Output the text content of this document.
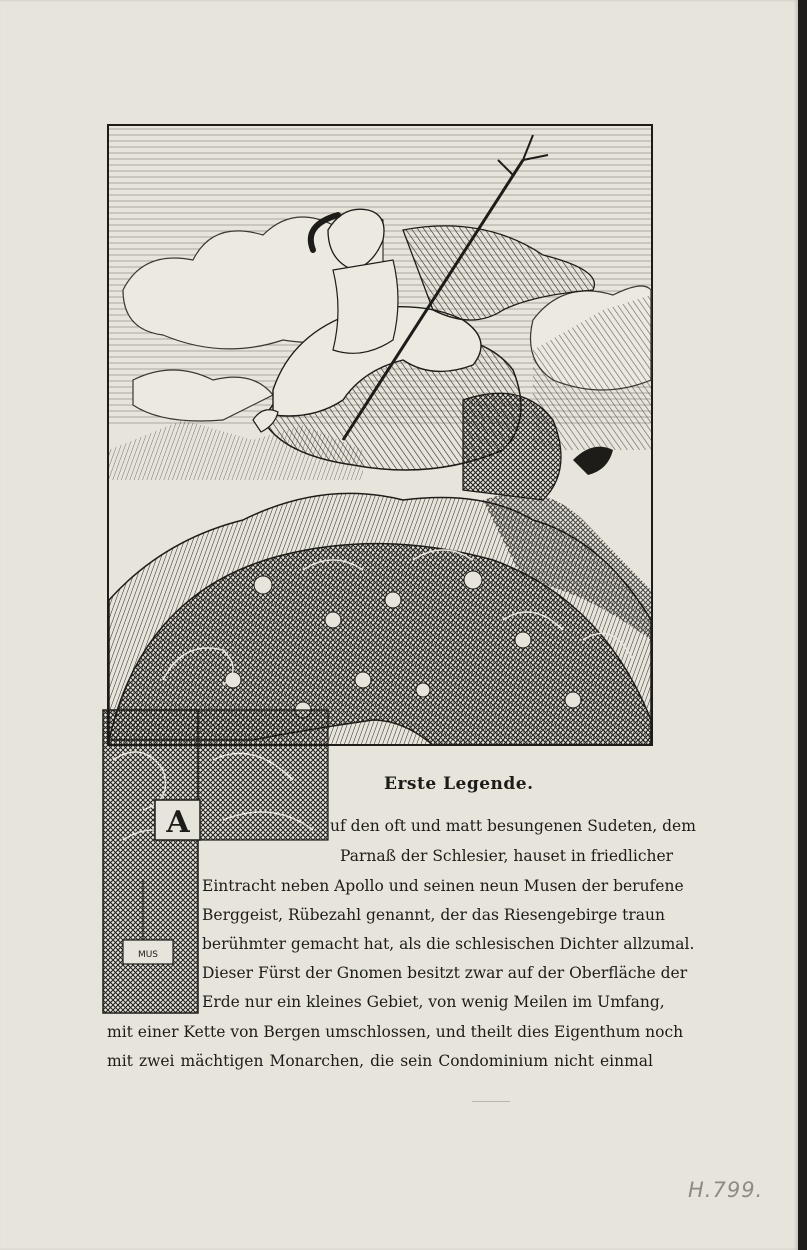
A
MUS
Erste Legende.
uf den oft und matt besungenen Sudeten, dem
Parnaß der Schlesier, hauset in friedlicher
Eintracht neben Apollo und seinen neun Musen der berufene
Berggeist, Rübezahl genannt, der das Riesengebirge traun
berühmter gemacht hat, als die schlesischen Dichter allzumal.
Dieser Fürst der Gnomen besitzt zwar auf der Oberfläche der
Erde nur ein kleines Gebiet, von wenig Meilen im Umfang,
mit einer Kette von Bergen umschlossen, und theilt dies Eigenthum noch
mit zwei mächtigen Monarchen, die sein Condominium nicht einmal
H.799.
